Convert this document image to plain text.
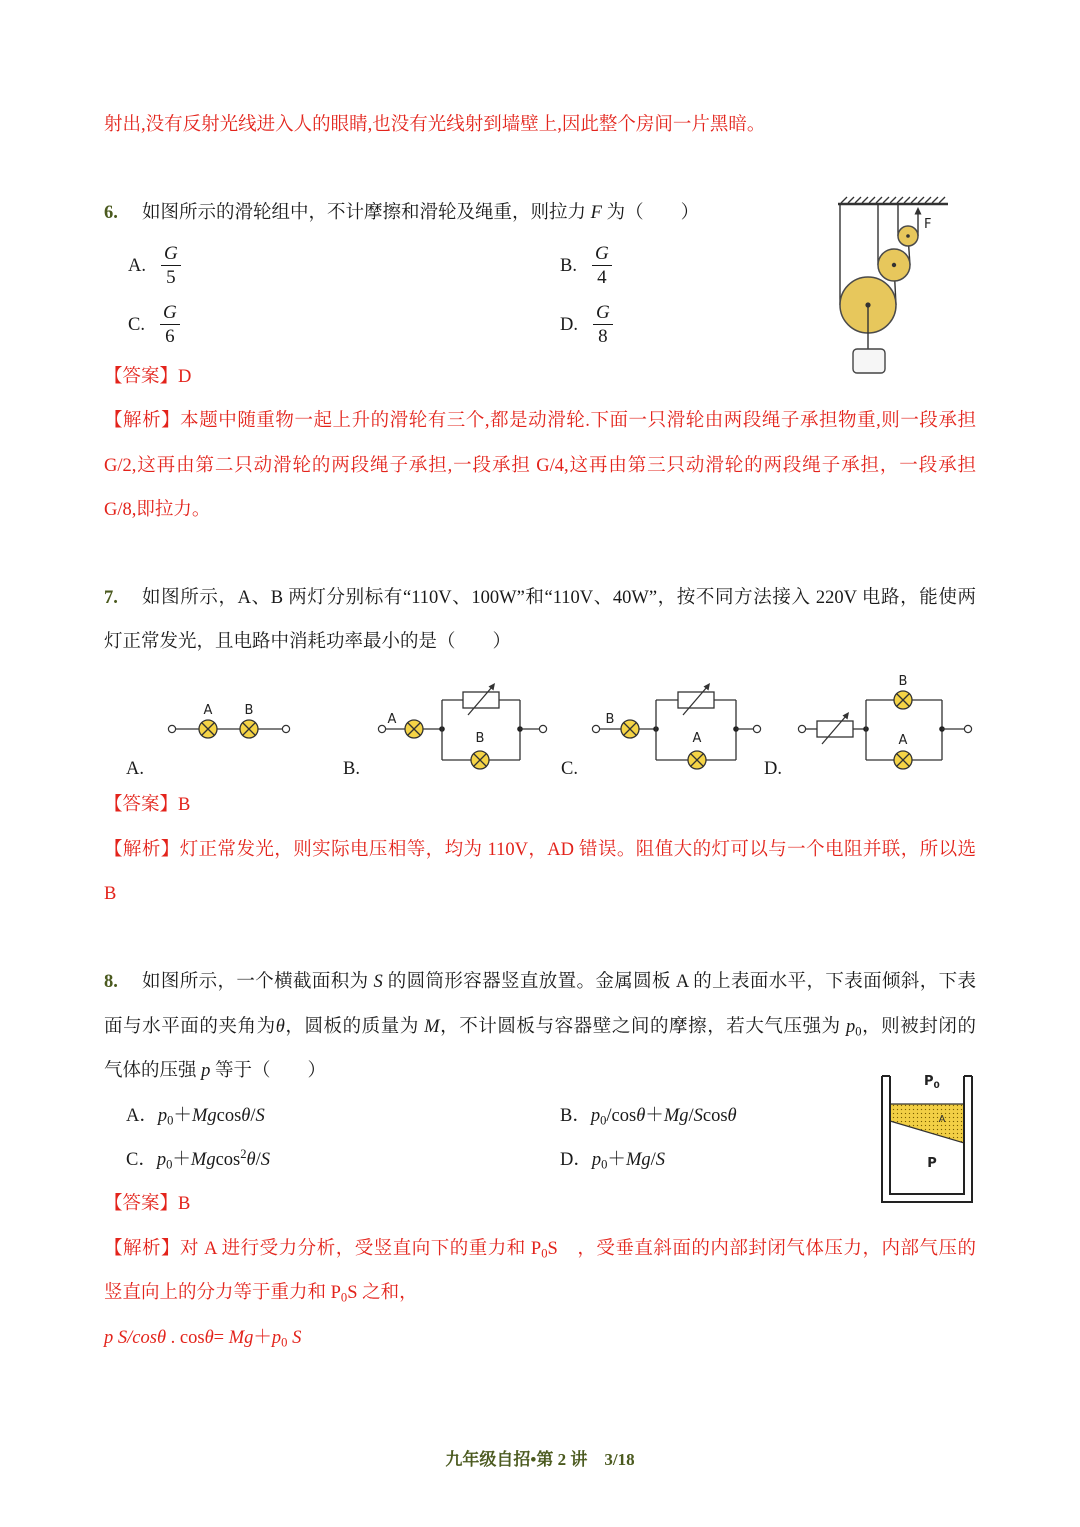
射出,没有反射光线进入人的眼睛,也没有光线射到墙壁上,因此整个房间一片黑暗。
6. 如图所示的滑轮组中，不计摩擦和滑轮及绳重，则拉力 F 为（　　）
A. $\frac{G}{5}$	B. $\frac{G}{4}$
C. $\frac{G}{6}$	D. $\frac{G}{8}$
【答案】D
【解析】本题中随重物一起上升的滑轮有三个,都是动滑轮.下面一只滑轮由两段绳子承担物重,则一段承担
G/2,这再由第二只动滑轮的两段绳子承担,一段承担 G/4,这再由第三只动滑轮的两段绳子承担，一段承担
G/8,即拉力。
F
7. 如图所示，A、B 两灯分别标有“110V、100W”和“110V、40W”，按不同方法接入 220V 电路，能使两
灯正常发光，且电路中消耗功率最小的是（　　）
A B
A
B
B
A
B
A
A.	B.	C.	D.
【答案】B
【解析】灯正常发光，则实际电压相等，均为 110V，AD 错误。阻值大的灯可以与一个电阻并联，所以选
B
8. 如图所示，一个横截面积为 S 的圆筒形容器竖直放置。金属圆板 A 的上表面水平，下表面倾斜，下表
面与水平面的夹角为θ，圆板的质量为 M，不计圆板与容器壁之间的摩擦，若大气压强为 p0，则被封闭的
气体的压强 p 等于（　　）
A．p0＋Mgcosθ/S	B．p0/cosθ＋Mg/Scosθ
C．p0＋Mgcos$^2$θ/S	D．p0＋Mg/S
【答案】B
【解析】对 A 进行受力分析，受竖直向下的重力和 P0S　，受垂直斜面的内部封闭气体压力，内部气压的
竖直向上的分力等于重力和 P0S 之和，
p S/cosθ . cosθ= Mg＋p0 S
$P_0$
A
P
九年级自招•第 2 讲　3/18
